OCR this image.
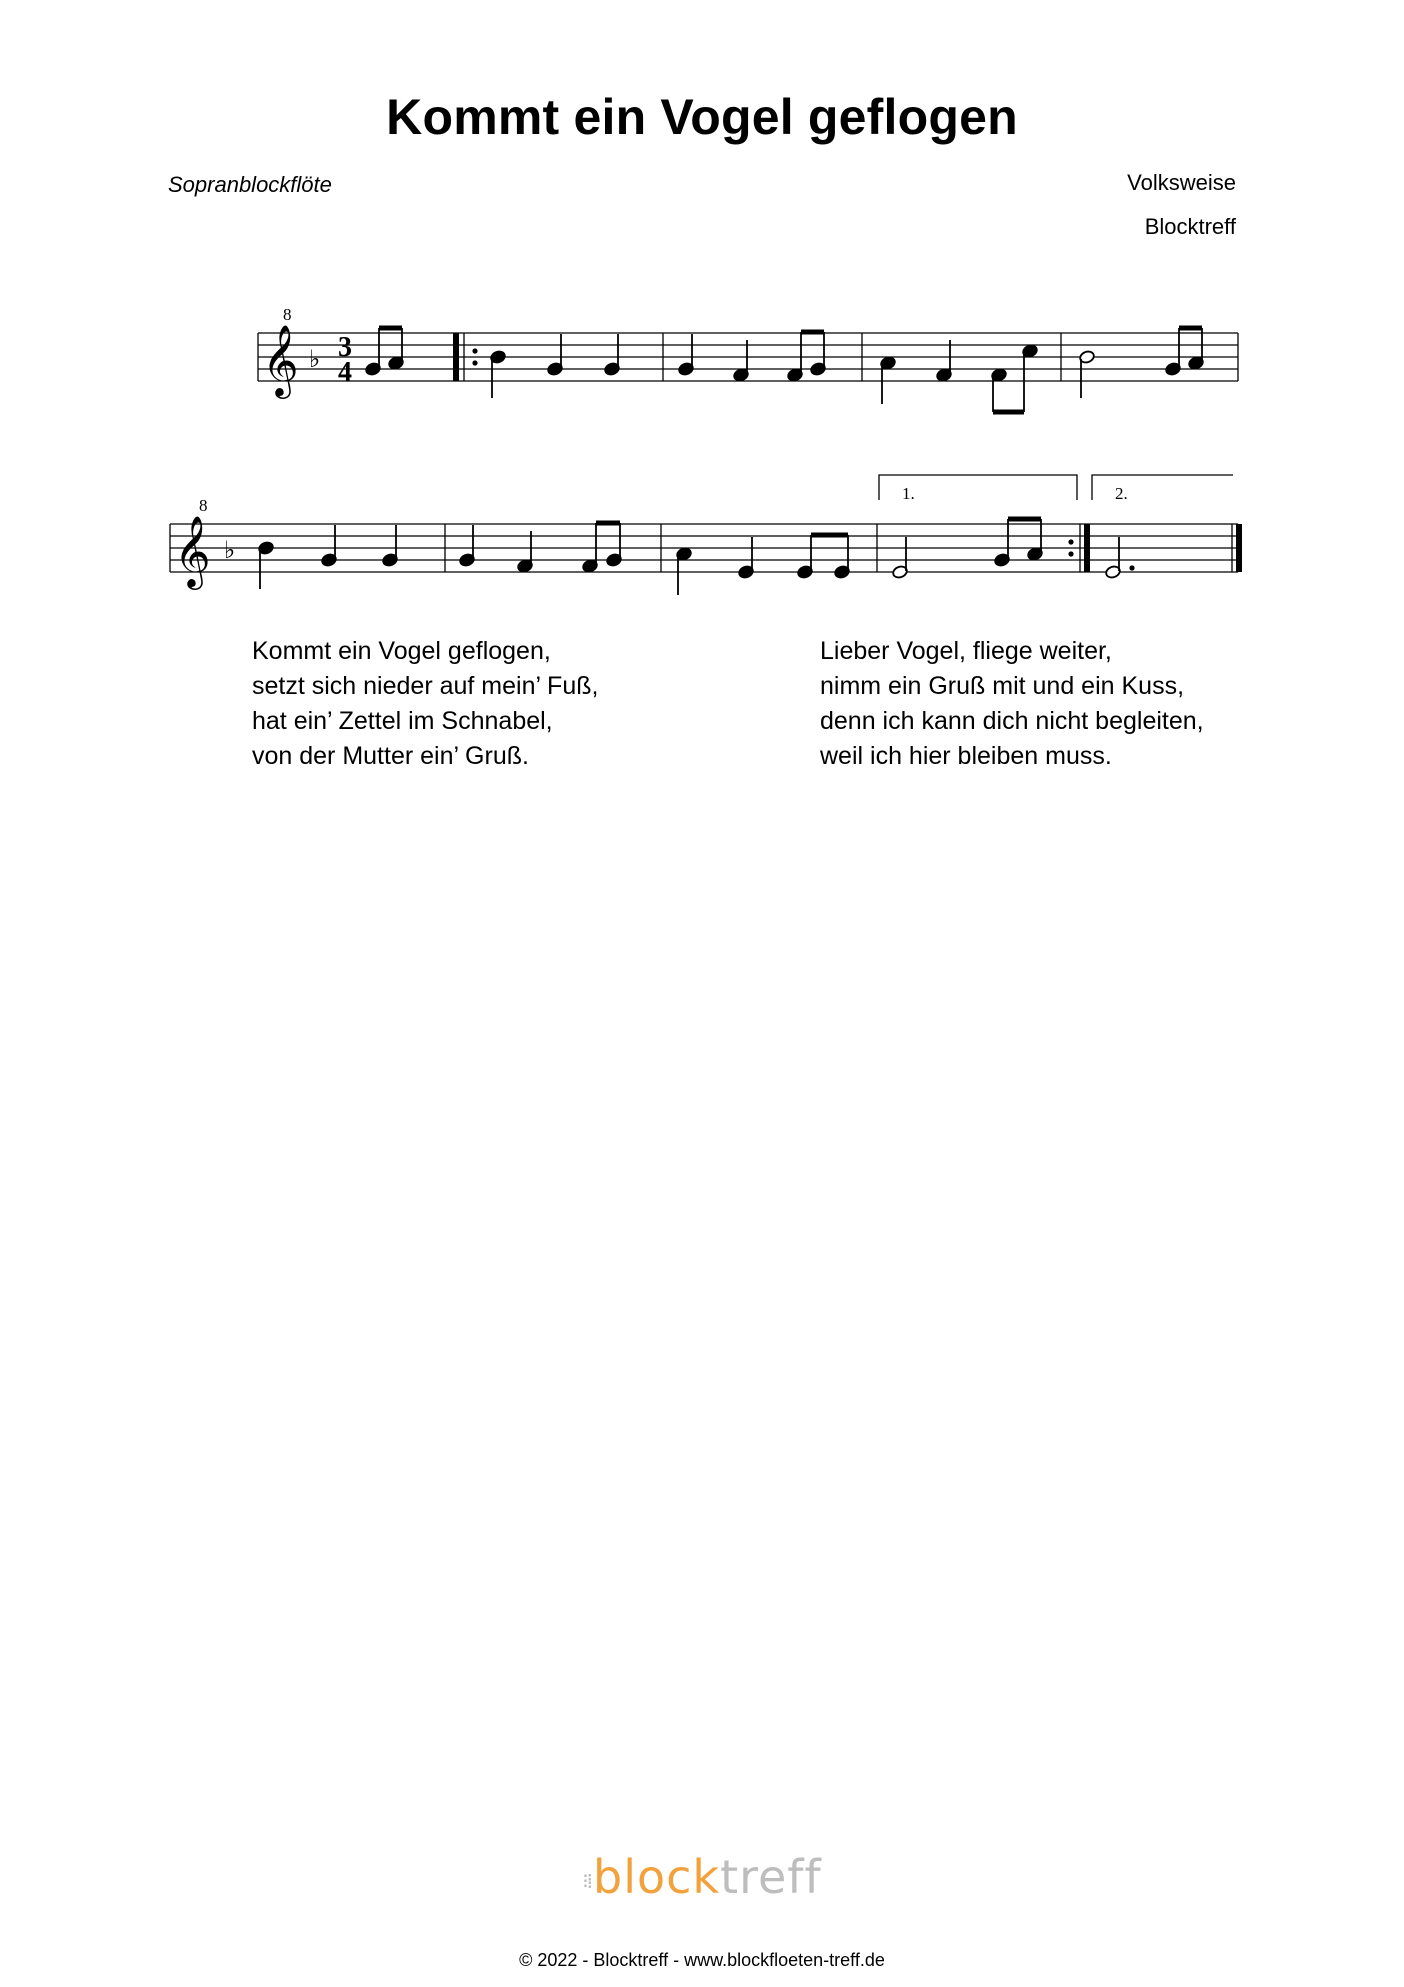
Kommt ein Vogel geflogen
Sopranblockflöte	Volksweise
Blocktreff
𝄞
8
♭ 3
4
𝄞
8
♭
1.	2.
Kommt ein Vogel geflogen,
setzt sich nieder auf mein’ Fuß,
hat ein’ Zettel im Schnabel,
von der Mutter ein’ Gruß.
Lieber Vogel, fliege weiter,
nimm ein Gruß mit und ein Kuss,
denn ich kann dich nicht begleiten,
weil ich hier bleiben muss.
⁝⁞blocktreff
© 2022 - Blocktreff - www.blockfloeten-treff.de
